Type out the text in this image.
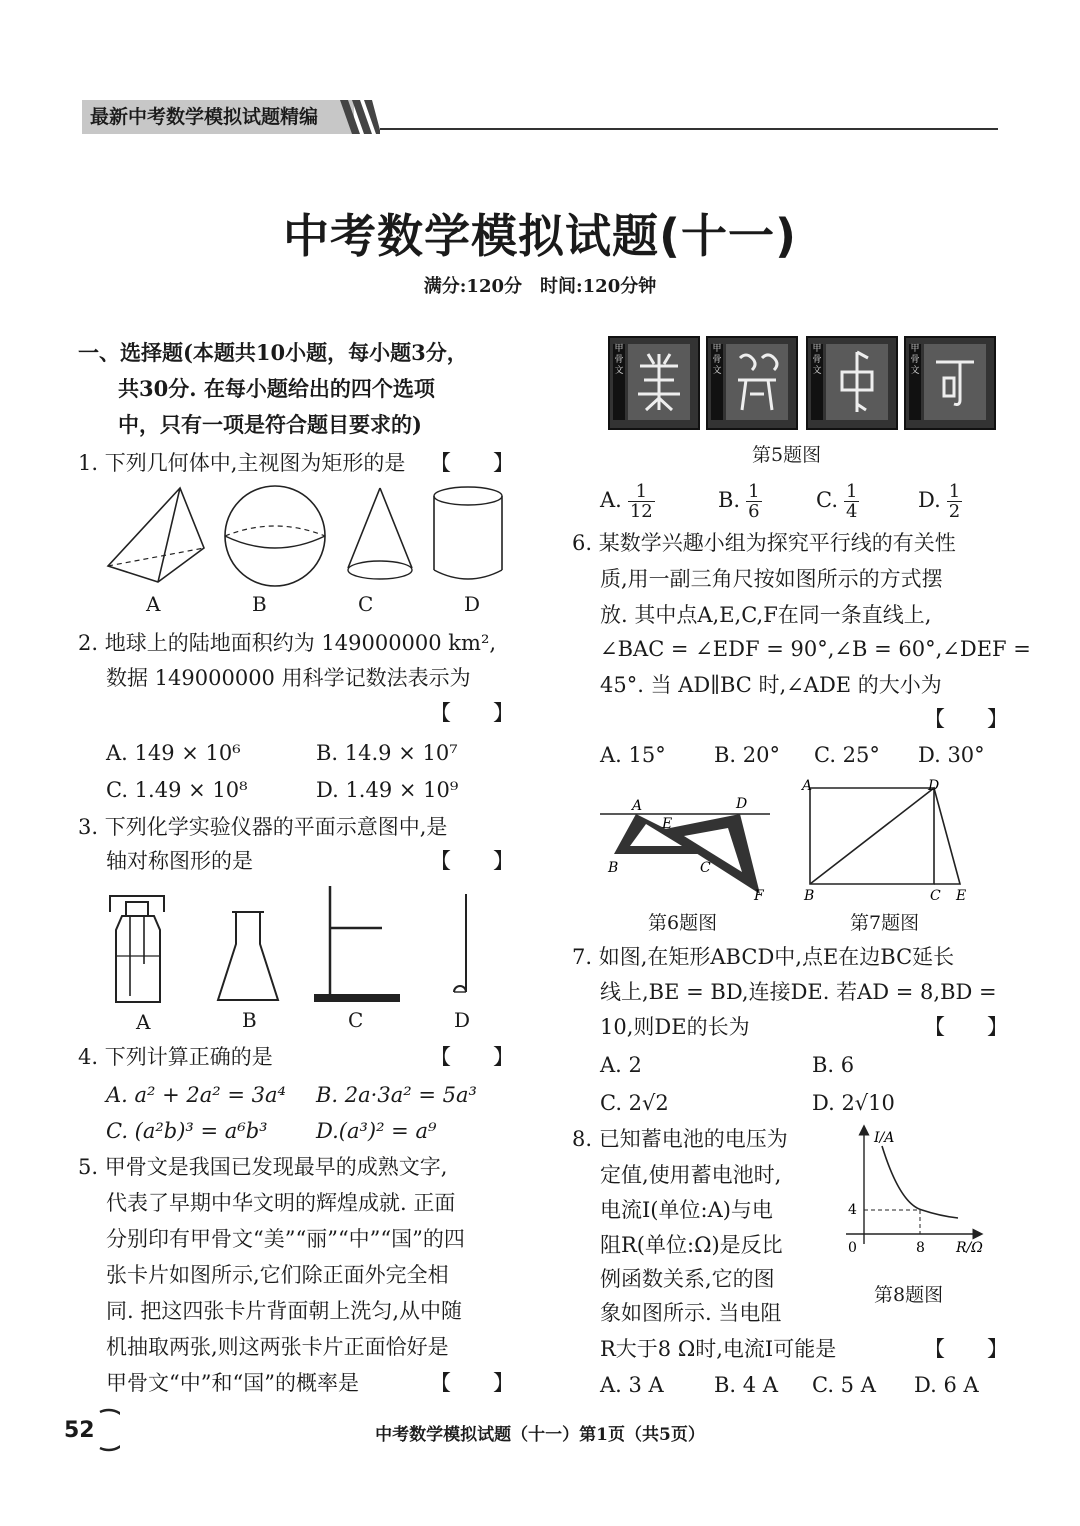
最新中考数学模拟试题精编
中考数学模拟试题(十一)
满分:120分　时间:120分钟
一、选择题(本题共10小题，每小题3分，
共30分. 在每小题给出的四个选项
中，只有一项是符合题目要求的)
1. 下列几何体中,主视图为矩形的是 【　　】
A	B	C	D
2. 地球上的陆地面积约为 149000000 km²,
数据 149000000 用科学记数法表示为
【　　】
A. 149 × 10⁶	B. 14.9 × 10⁷
C. 1.49 × 10⁸	D. 1.49 × 10⁹
3. 下列化学实验仪器的平面示意图中,是
轴对称图形的是	【　　】
A	B	C	D
4. 下列计算正确的是	【　　】
A. a² + 2a² = 3a⁴ B. 2a·3a² = 5a³
C. (a²b)³ = a⁶b³ D.(a³)² = a⁹
5. 甲骨文是我国已发现最早的成熟文字,
代表了早期中华文明的辉煌成就. 正面
分别印有甲骨文“美”“丽”“中”“国”的四
张卡片如图所示,它们除正面外完全相
同. 把这四张卡片背面朝上洗匀,从中随
机抽取两张,则这两张卡片正面恰好是
甲骨文“中”和“国”的概率是	【　　】
甲骨文
甲骨文
甲骨文
甲骨文
第5题图
A. $\frac{1}{12}$	B. $\frac{1}{6}$	C. $\frac{1}{4}$	D. $\frac{1}{2}$
6. 某数学兴趣小组为探究平行线的有关性
质,用一副三角尺按如图所示的方式摆
放. 其中点A,E,C,F在同一条直线上,
∠BAC = ∠EDF = 90°,∠B = 60°,∠DEF =
45°. 当 AD∥BC 时,∠ADE 的大小为
【　　】
A. 15° B. 20° C. 25° D. 30°
A	D
E
B	C
F
第6题图
A	D
B	C E
第7题图
7. 如图,在矩形ABCD中,点E在边BC延长
线上,BE = BD,连接DE. 若AD = 8,BD =
10,则DE的长为	【　　】
A. 2	B. 6
C. 2√2	D. 2√10
8. 已知蓄电池的电压为
定值,使用蓄电池时,
电流I(单位:A)与电
阻R(单位:Ω)是反比
例函数关系,它的图
象如图所示. 当电阻
R大于8 Ω时,电流I可能是	【　　】
A. 3 A B. 4 A C. 5 A D. 6 A
I/A
R/Ω
0	8
4
第8题图
52	中考数学模拟试题（十一）第1页（共5页）
